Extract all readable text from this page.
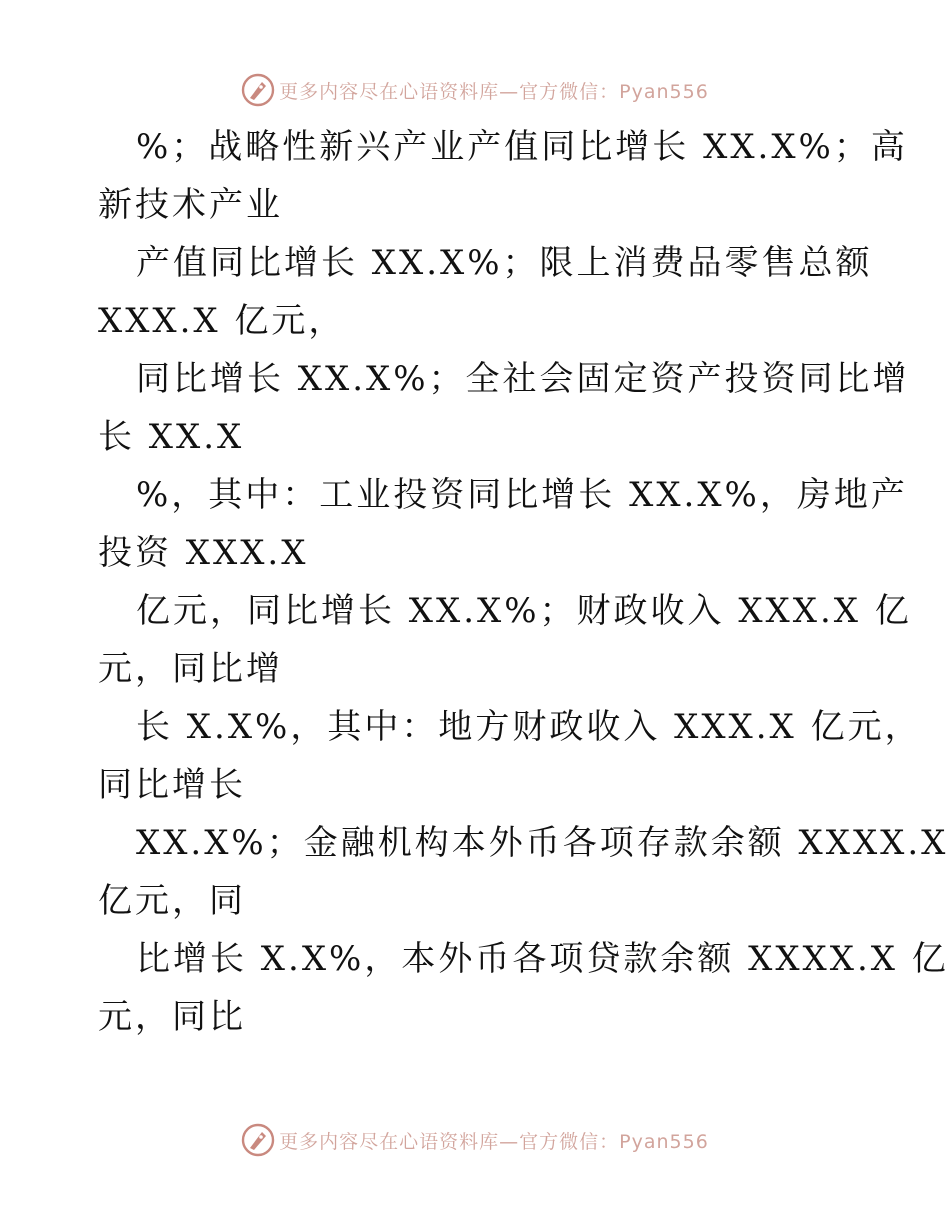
更多内容尽在心语资料库—官方微信：Pyan556
%；战略性新兴产业产值同比增长 XX.X%；高
新技术产业
产值同比增长 XX.X%；限上消费品零售总额
XXX.X 亿元，
同比增长 XX.X%；全社会固定资产投资同比增
长 XX.X
%，其中：工业投资同比增长 XX.X%，房地产
投资 XXX.X
亿元，同比增长 XX.X%；财政收入 XXX.X 亿
元，同比增
长 X.X%，其中：地方财政收入 XXX.X 亿元，
同比增长
XX.X%；金融机构本外币各项存款余额 XXXX.X
亿元，同
比增长 X.X%，本外币各项贷款余额 XXXX.X 亿
元，同比
更多内容尽在心语资料库—官方微信：Pyan556
